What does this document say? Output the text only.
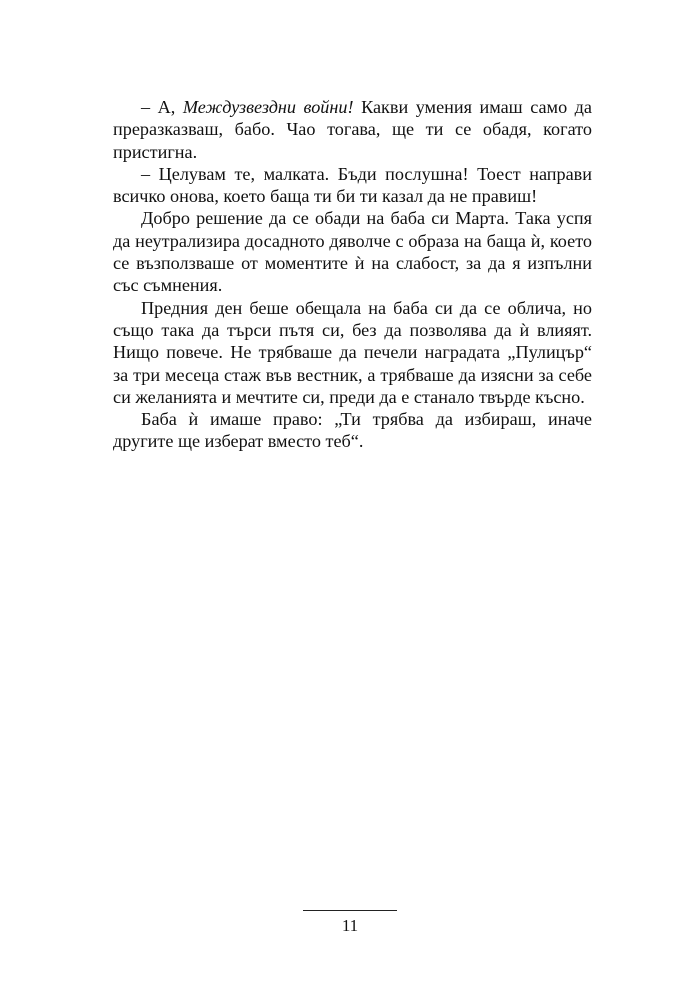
– А, Междузвездни войни! Какви умения имаш само да преразказваш, бабо. Чао тогава, ще ти се обадя, когато пристигна.

– Целувам те, малката. Бъди послушна! Тоест направи всичко онова, което баща ти би ти казал да не правиш!

Добро решение да се обади на баба си Марта. Така успя да неутрализира досадното дяволче с образа на баща ѝ, което се възползваше от моментите ѝ на слабост, за да я изпълни със съмнения.

Предния ден беше обещала на баба си да се облича, но също така да търси пътя си, без да позволява да ѝ влияят. Нищо повече. Не трябваше да печели наградата „Пулицър“ за три месеца стаж във вестник, а трябваше да изясни за себе си желанията и мечтите си, преди да е станало твърде късно.

Баба ѝ имаше право: „Ти трябва да избираш, иначе другите ще изберат вместо теб“.

11
